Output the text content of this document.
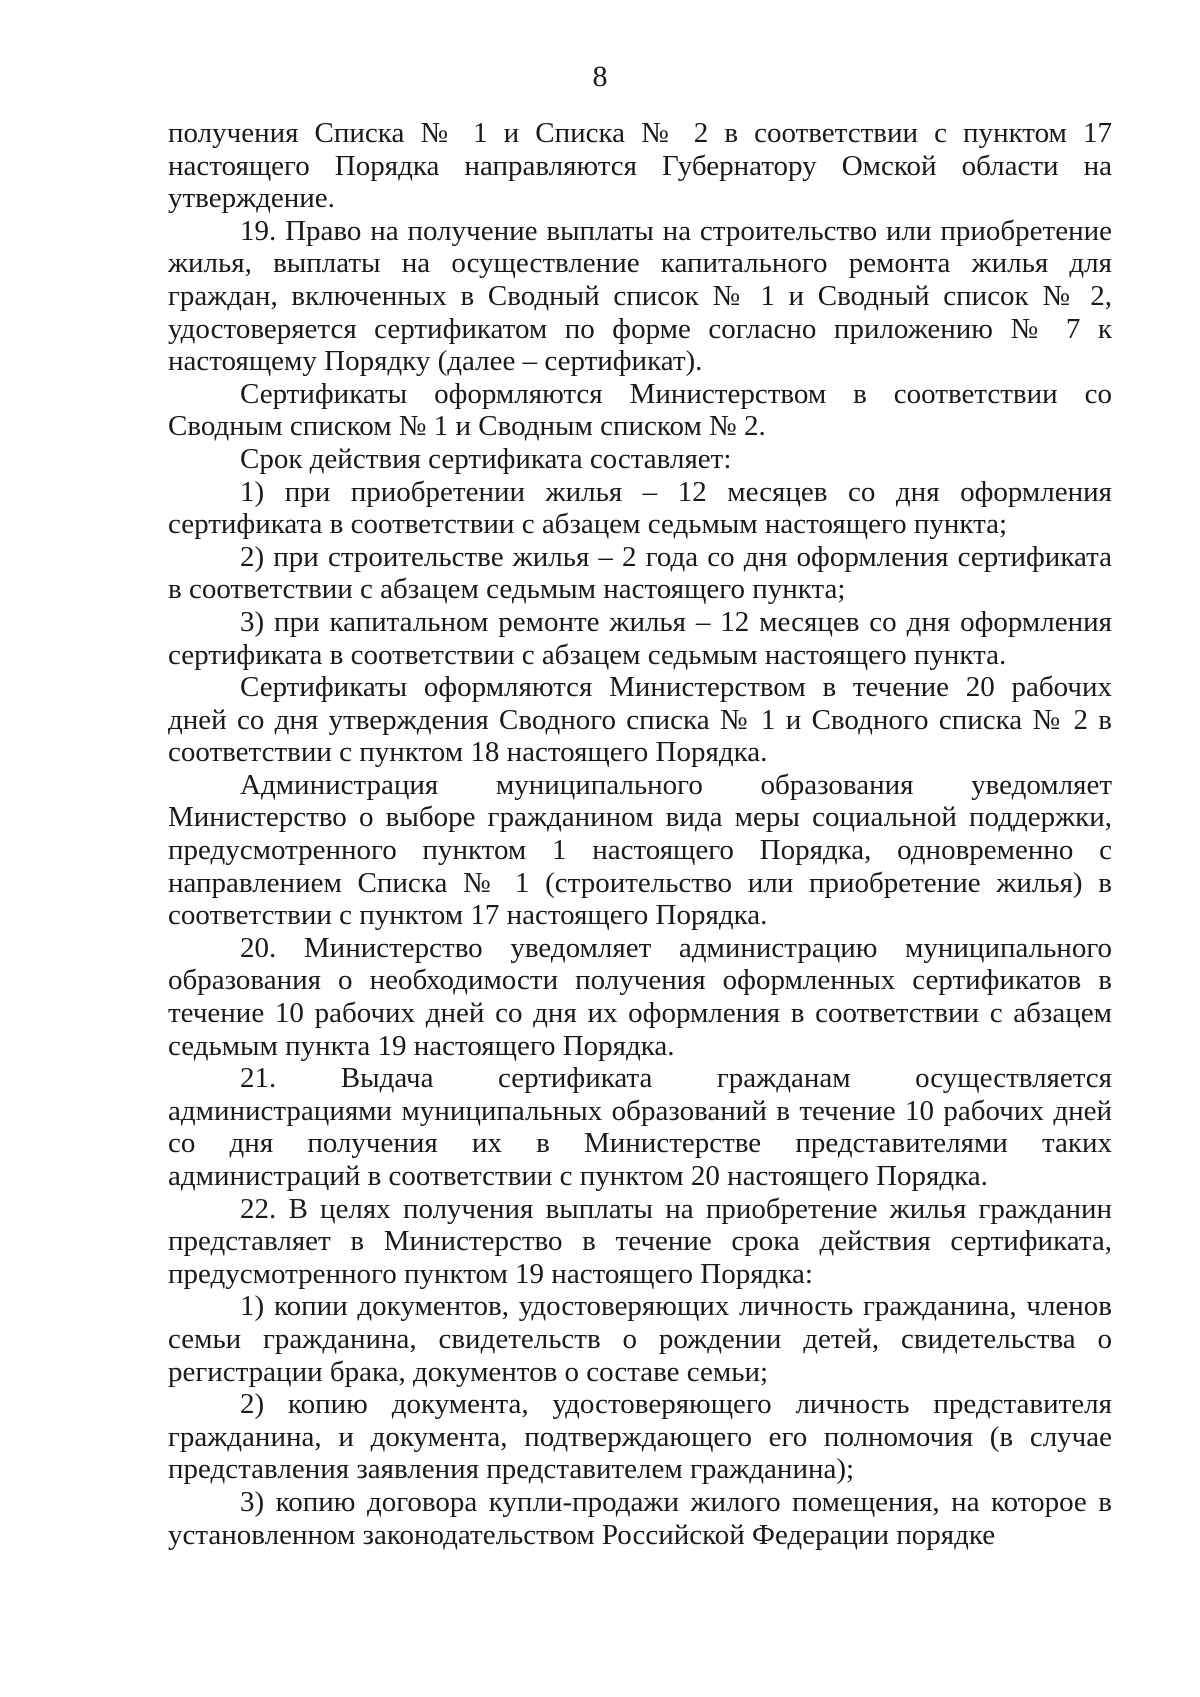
8

получения Списка № 1 и Списка № 2 в соответствии с пунктом 17 настоящего Порядка направляются Губернатору Омской области на утверждение.

19. Право на получение выплаты на строительство или приобретение жилья, выплаты на осуществление капитального ремонта жилья для граждан, включенных в Сводный список № 1 и Сводный список № 2, удостоверяется сертификатом по форме согласно приложению № 7 к настоящему Порядку (далее – сертификат).

Сертификаты оформляются Министерством в соответствии со Сводным списком № 1 и Сводным списком № 2.

Срок действия сертификата составляет:

1) при приобретении жилья – 12 месяцев со дня оформления сертификата в соответствии с абзацем седьмым настоящего пункта;

2) при строительстве жилья – 2 года со дня оформления сертификата в соответствии с абзацем седьмым настоящего пункта;

3) при капитальном ремонте жилья – 12 месяцев со дня оформления сертификата в соответствии с абзацем седьмым настоящего пункта.

Сертификаты оформляются Министерством в течение 20 рабочих дней со дня утверждения Сводного списка № 1 и Сводного списка № 2 в соответствии с пунктом 18 настоящего Порядка.

Администрация муниципального образования уведомляет Министерство о выборе гражданином вида меры социальной поддержки, предусмотренного пунктом 1 настоящего Порядка, одновременно с направлением Списка № 1 (строительство или приобретение жилья) в соответствии с пунктом 17 настоящего Порядка.

20. Министерство уведомляет администрацию муниципального образования о необходимости получения оформленных сертификатов в течение 10 рабочих дней со дня их оформления в соответствии с абзацем седьмым пункта 19 настоящего Порядка.

21. Выдача сертификата гражданам осуществляется администрациями муниципальных образований в течение 10 рабочих дней со дня получения их в Министерстве представителями таких администраций в соответствии с пунктом 20 настоящего Порядка.

22. В целях получения выплаты на приобретение жилья гражданин представляет в Министерство в течение срока действия сертификата, предусмотренного пунктом 19 настоящего Порядка:

1) копии документов, удостоверяющих личность гражданина, членов семьи гражданина, свидетельств о рождении детей, свидетельства о регистрации брака, документов о составе семьи;

2) копию документа, удостоверяющего личность представителя гражданина, и документа, подтверждающего его полномочия (в случае представления заявления представителем гражданина);

3) копию договора купли-продажи жилого помещения, на которое в установленном законодательством Российской Федерации порядке
